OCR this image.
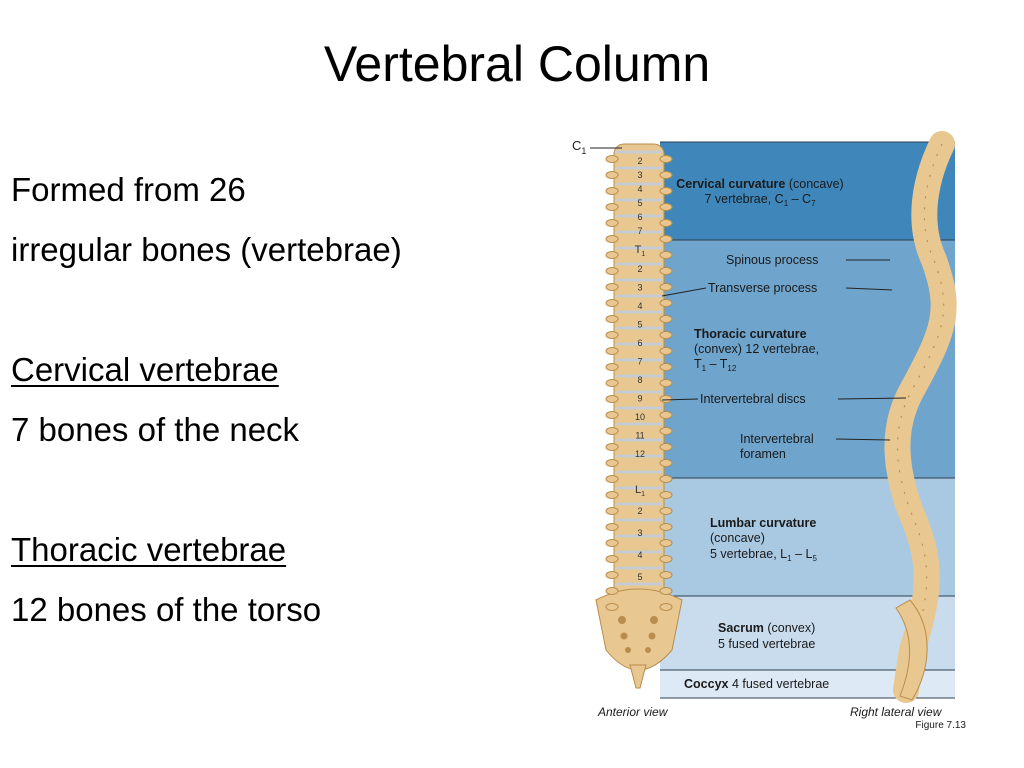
Vertebral Column
Formed from 26
irregular bones (vertebrae)
Cervical vertebrae
7 bones of the neck
Thoracic vertebrae
12 bones of the torso
$C_1$
2
3
4
5
6
7
2
3
4
5
6
7
8
9
10
11
12
2
3
4
5
$T_1$
$L_1$
Cervical curvature (concave)
7 vertebrae, $C_1 - C_7$
Spinous process
Transverse process
Thoracic curvature
(convex) 12 vertebrae,
$T_1 - T_{12}$
Intervertebral discs
Intervertebral
foramen
Lumbar curvature
(concave)
5 vertebrae, $L_1 - L_5$
Sacrum (convex)
5 fused vertebrae
Coccyx 4 fused vertebrae
Anterior view	Right lateral view
Figure 7.13
